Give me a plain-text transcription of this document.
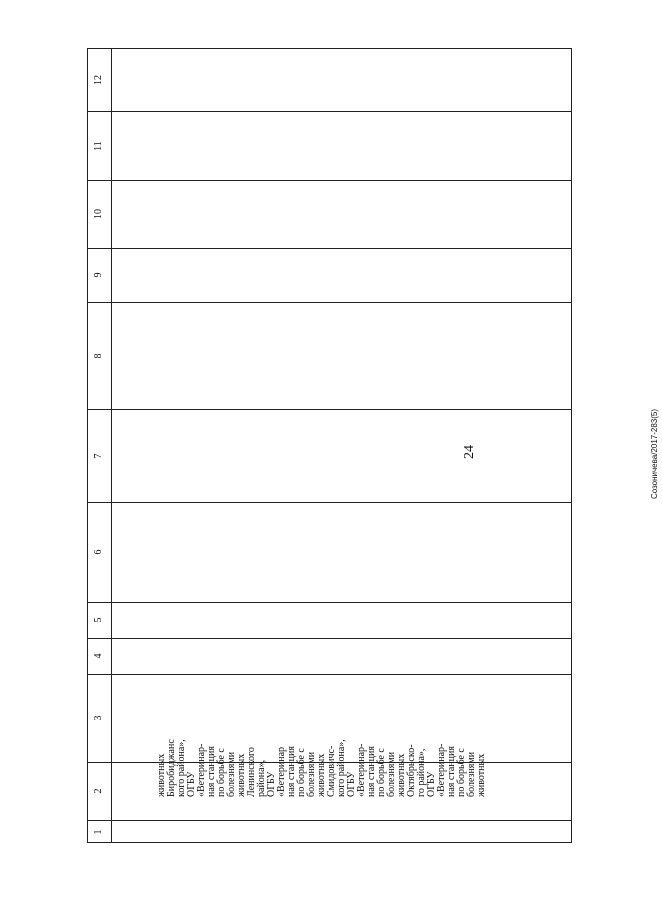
24	Созоничева/2017-283(5)
1
2
3
4
5
6
7
8
9
10
11
12
животных Биробиджанс кого района», ОГБУ «Ветеринар- ная станция по борьбе с болезнями животных Ленинского района», ОГБУ «Ветеринар ная станция по борьбе с болезнями животных Смидовичс- кого района», ОГБУ «Ветеринар- ная станция по борьбе с болезнями животных Октябрьско- го района», ОГБУ «Ветеринар- ная станция по борьбе с болезнями животных
